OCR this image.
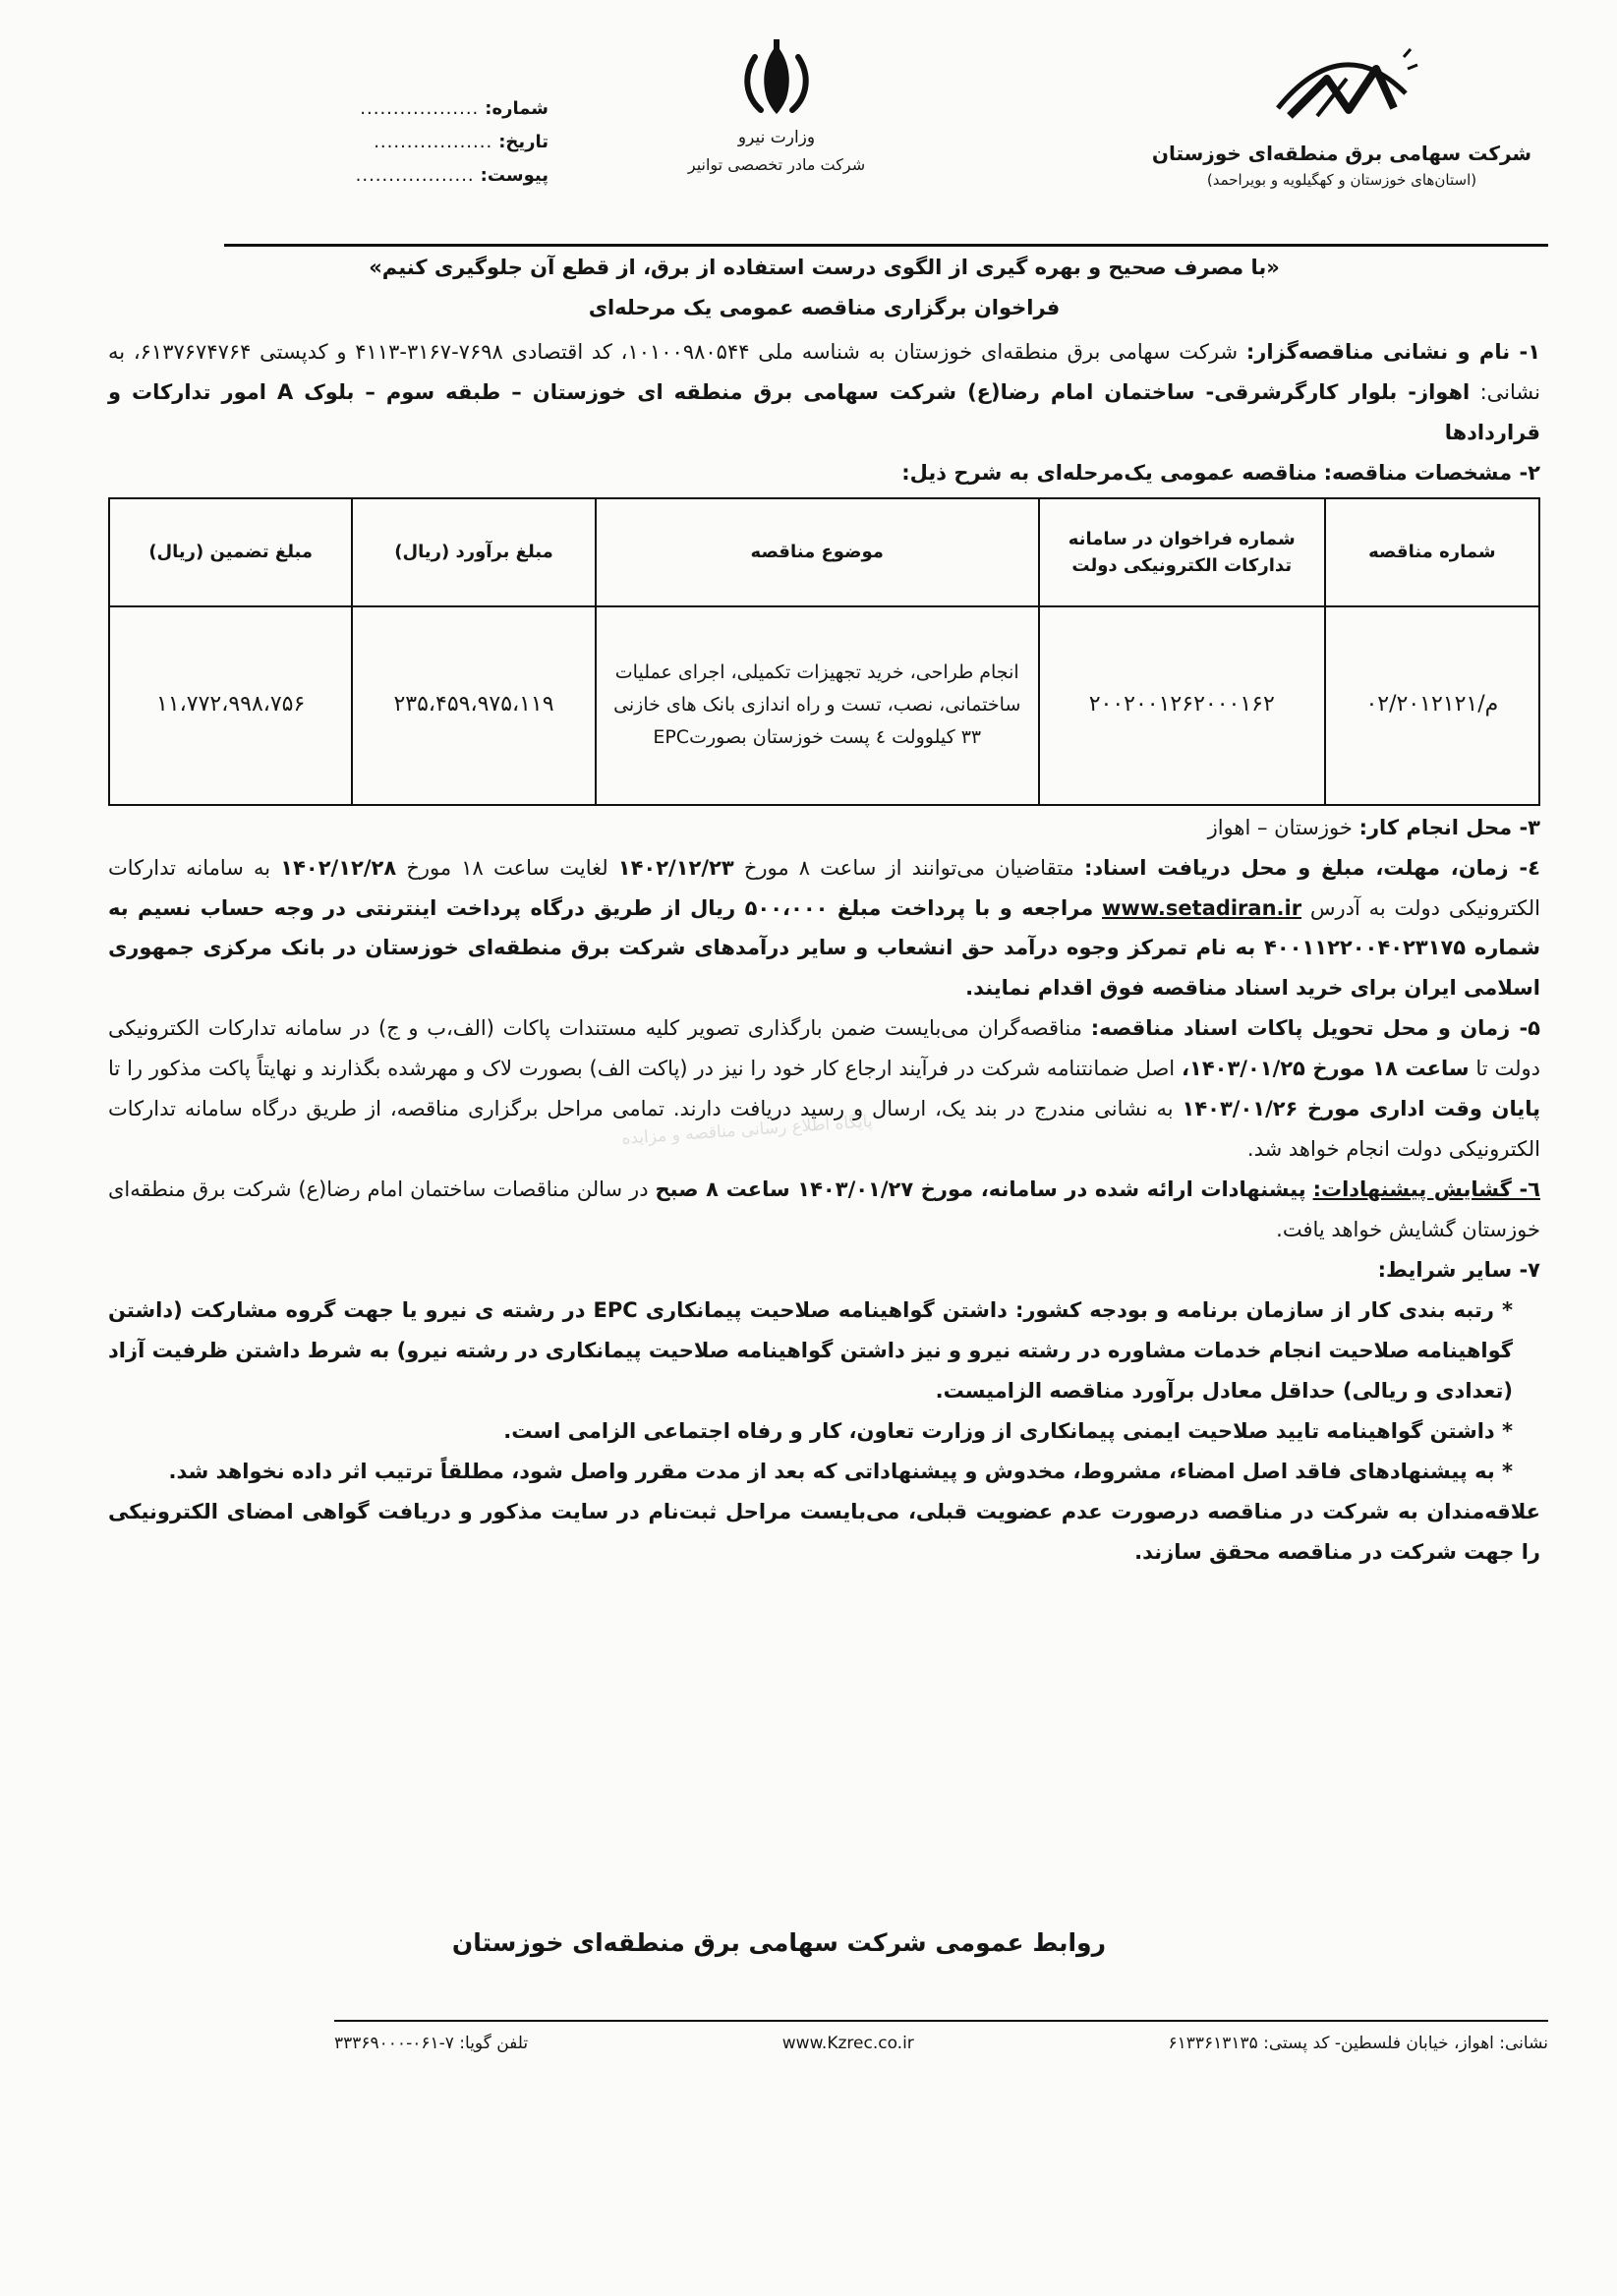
شرکت سهامی برق منطقه‌ای خوزستان
(استان‌های خوزستان و کهگیلویه و بویراحمد)
وزارت نیرو
شرکت مادر تخصصی توانیر
شماره:
..................
تاریخ:
..................
پیوست:
..................
پایگاه اطلاع رسانی مناقصه و مزایده

«با مصرف صحیح و بهره گیری از الگوی درست استفاده از برق، از قطع آن جلوگیری کنیم»

فراخوان برگزاری مناقصه عمومی یک مرحله‌ای

۱- نام و نشانی مناقصه‌گزار: شرکت سهامی برق منطقه‌ای خوزستان به شناسه ملی ۱۰۱۰۰۹۸۰۵۴۴، کد اقتصادی ۷۶۹۸-۳۱۶۷-۴۱۱۳ و کدپستی ۶۱۳۷۶۷۴۷۶۴، به نشانی: اهواز- بلوار کارگرشرقی- ساختمان امام رضا(ع) شرکت سهامی برق منطقه ای خوزستان – طبقه سوم – بلوک A امور تدارکات و قراردادها

۲- مشخصات مناقصه: مناقصه عمومی یک‌مرحله‌ای به شرح ذیل:

شماره مناقصه	شماره فراخوان در سامانه تدارکات الکترونیکی دولت	موضوع مناقصه	مبلغ برآورد (ریال)	مبلغ تضمین (ریال)
۰۲/۲۰۱۲۱۲۱/م	۲۰۰۲۰۰۱۲۶۲۰۰۰۱۶۲	انجام طراحی، خرید تجهیزات تکمیلی، اجرای عملیات ساختمانی، نصب، تست و راه اندازی بانک های خازنی ۳۳ کیلوولت ٤ پست خوزستان بصورتEPC	۲۳۵،۴۵۹،۹۷۵،۱۱۹	۱۱،۷۷۲،۹۹۸،۷۵۶

۳- محل انجام کار: خوزستان – اهواز

٤- زمان، مهلت، مبلغ و محل دریافت اسناد: متقاضیان می‌توانند از ساعت ۸ مورخ ۱۴۰۲/۱۲/۲۳ لغایت ساعت ۱۸ مورخ ۱۴۰۲/۱۲/۲۸ به سامانه تدارکات الکترونیکی دولت به آدرس www.setadiran.ir مراجعه و با پرداخت مبلغ ۵۰۰،۰۰۰ ریال از طریق درگاه پرداخت اینترنتی در وجه حساب نسیم به شماره ۴۰۰۱۱۲۲۰۰۴۰۲۳۱۷۵ به نام تمرکز وجوه درآمد حق انشعاب و سایر درآمدهای شرکت برق منطقه‌ای خوزستان در بانک مرکزی جمهوری اسلامی ایران برای خرید اسناد مناقصه فوق اقدام نمایند.

۵- زمان و محل تحویل پاکات اسناد مناقصه: مناقصه‌گران می‌بایست ضمن بارگذاری تصویر کلیه مستندات پاکات (الف،ب و ج) در سامانه تدارکات الکترونیکی دولت تا ساعت ۱۸ مورخ ۱۴۰۳/۰۱/۲۵، اصل ضمانتنامه شرکت در فرآیند ارجاع کار خود را نیز در (پاکت الف) بصورت لاک و مهرشده بگذارند و نهایتاً پاکت مذکور را تا پایان وقت اداری مورخ ۱۴۰۳/۰۱/۲۶ به نشانی مندرج در بند یک، ارسال و رسید دریافت دارند. تمامی مراحل برگزاری مناقصه، از طریق درگاه سامانه تدارکات الکترونیکی دولت انجام خواهد شد.

٦- گشایش پیشنهادات: پیشنهادات ارائه شده در سامانه، مورخ ۱۴۰۳/۰۱/۲۷ ساعت ۸ صبح در سالن مناقصات ساختمان امام رضا(ع) شرکت برق منطقه‌ای خوزستان گشایش خواهد یافت.

۷- سایر شرایط:

* رتبه بندی کار از سازمان برنامه و بودجه کشور: داشتن گواهینامه صلاحیت پیمانکاری EPC در رشته ی نیرو یا جهت گروه مشارکت (داشتن گواهینامه صلاحیت انجام خدمات مشاوره در رشته نیرو و نیز داشتن گواهینامه صلاحیت پیمانکاری در رشته نیرو) به شرط داشتن ظرفیت آزاد (تعدادی و ریالی) حداقل معادل برآورد مناقصه الزامیست.

* داشتن گواهینامه تایید صلاحیت ایمنی پیمانکاری از وزارت تعاون، کار و رفاه اجتماعی الزامی است.

* به پیشنهادهای فاقد اصل امضاء، مشروط، مخدوش و پیشنهاداتی که بعد از مدت مقرر واصل شود، مطلقاً ترتیب اثر داده نخواهد شد.

علاقه‌مندان به شرکت در مناقصه درصورت عدم عضویت قبلی، می‌بایست مراحل ثبت‌نام در سایت مذکور و دریافت گواهی امضای الکترونیکی را جهت شرکت در مناقصه محقق سازند.

روابط عمومی شرکت سهامی برق منطقه‌ای خوزستان
نشانی: اهواز، خیابان فلسطین- کد پستی: ۶۱۳۳۶۱۳۱۳۵
www.Kzrec.co.ir
تلفن گویا: ۷-۰۶۱-۳۳۳۶۹۰۰۰
